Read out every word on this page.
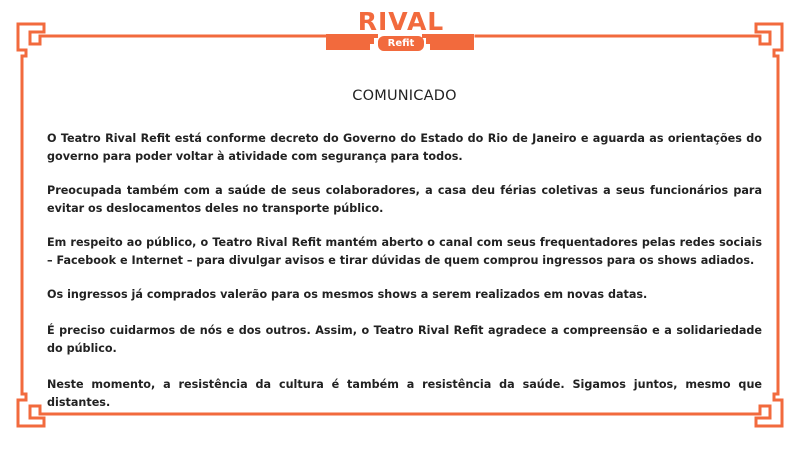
RIVAL
Refit
COMUNICADO

O Teatro Rival Refit está conforme decreto do Governo do Estado do Rio de Janeiro e aguarda as orientações do governo para poder voltar à atividade com segurança para todos.

Preocupada também com a saúde de seus colaboradores, a casa deu férias coletivas a seus funcionários para evitar os deslocamentos deles no transporte público.

Em respeito ao público, o Teatro Rival Refit mantém aberto o canal com seus frequentadores pelas redes sociais – Facebook e Internet – para divulgar avisos e tirar dúvidas de quem comprou ingressos para os shows adiados.

Os ingressos já comprados valerão para os mesmos shows a serem realizados em novas datas.

É preciso cuidarmos de nós e dos outros. Assim, o Teatro Rival Refit agradece a compreensão e a solidariedade do público.

Neste momento, a resistência da cultura é também a resistência da saúde. Sigamos juntos, mesmo que distantes.
